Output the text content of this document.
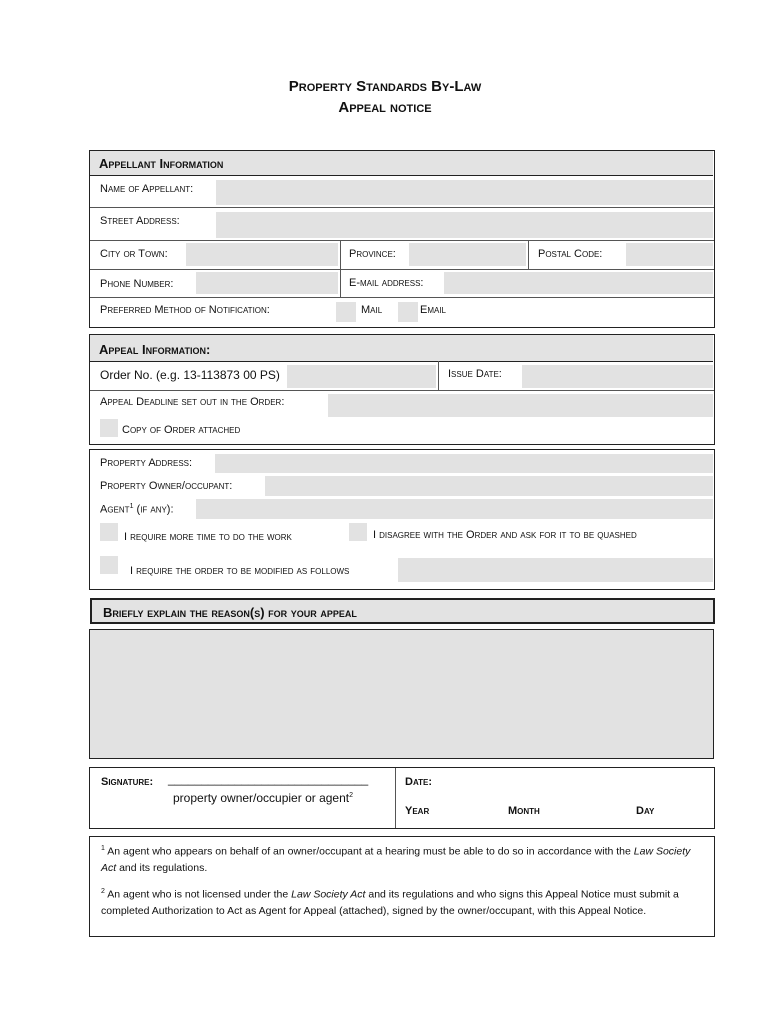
Property Standards By-Law
Appeal notice
Appellant Information
Name of Appellant:
Street Address:
City or Town:	Province:	Postal Code:
Phone Number:	E-mail address:
Preferred Method of Notification:	Mail	Email
Appeal Information:
Order No. (e.g. 13-113873 00 PS)	Issue Date:
Appeal Deadline set out in the Order:
Copy of Order attached
Property Address:
Property Owner/occupant:
Agent$^1$ (if any):
I require more time to do the work	I disagree with the Order and ask for it to be quashed
I require the order to be modified as follows
Briefly explain the reason(s) for your appeal
Signature: ______________________________
property owner/occupier or agent$^2$
Date:
Year	Month	Day
$^1$ An agent who appears on behalf of an owner/occupant at a hearing must be able to do so in accordance with the Law Society Act and its regulations.
$^2$ An agent who is not licensed under the Law Society Act and its regulations and who signs this Appeal Notice must submit a completed Authorization to Act as Agent for Appeal (attached), signed by the owner/occupant, with this Appeal Notice.
